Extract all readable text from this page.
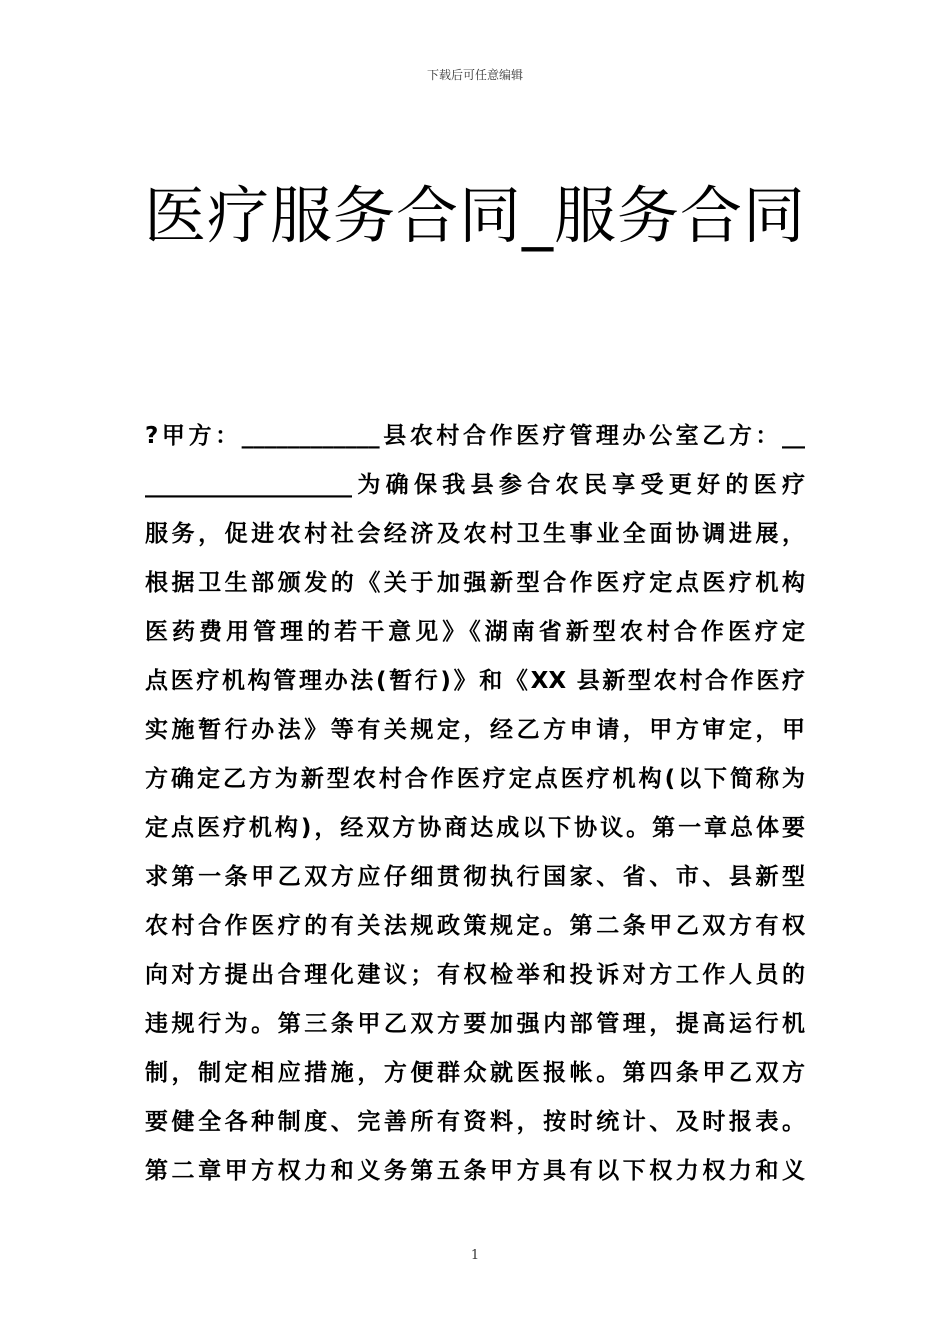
下载后可任意编辑
医疗服务合同_服务合同
?甲方：____________县农村合作医疗管理办公室乙方：__
__________________为确保我县参合农民享受更好的医疗
服务，促进农村社会经济及农村卫生事业全面协调进展，
根据卫生部颁发的《关于加强新型合作医疗定点医疗机构
医药费用管理的若干意见》《湖南省新型农村合作医疗定
点医疗机构管理办法(暂行)》和《XX 县新型农村合作医疗
实施暂行办法》等有关规定，经乙方申请，甲方审定，甲
方确定乙方为新型农村合作医疗定点医疗机构(以下简称为
定点医疗机构)，经双方协商达成以下协议。第一章总体要
求第一条甲乙双方应仔细贯彻执行国家、省、市、县新型
农村合作医疗的有关法规政策规定。第二条甲乙双方有权
向对方提出合理化建议；有权检举和投诉对方工作人员的
违规行为。第三条甲乙双方要加强内部管理，提高运行机
制，制定相应措施，方便群众就医报帐。第四条甲乙双方
要健全各种制度、完善所有资料，按时统计、及时报表。
第二章甲方权力和义务第五条甲方具有以下权力权力和义
1
